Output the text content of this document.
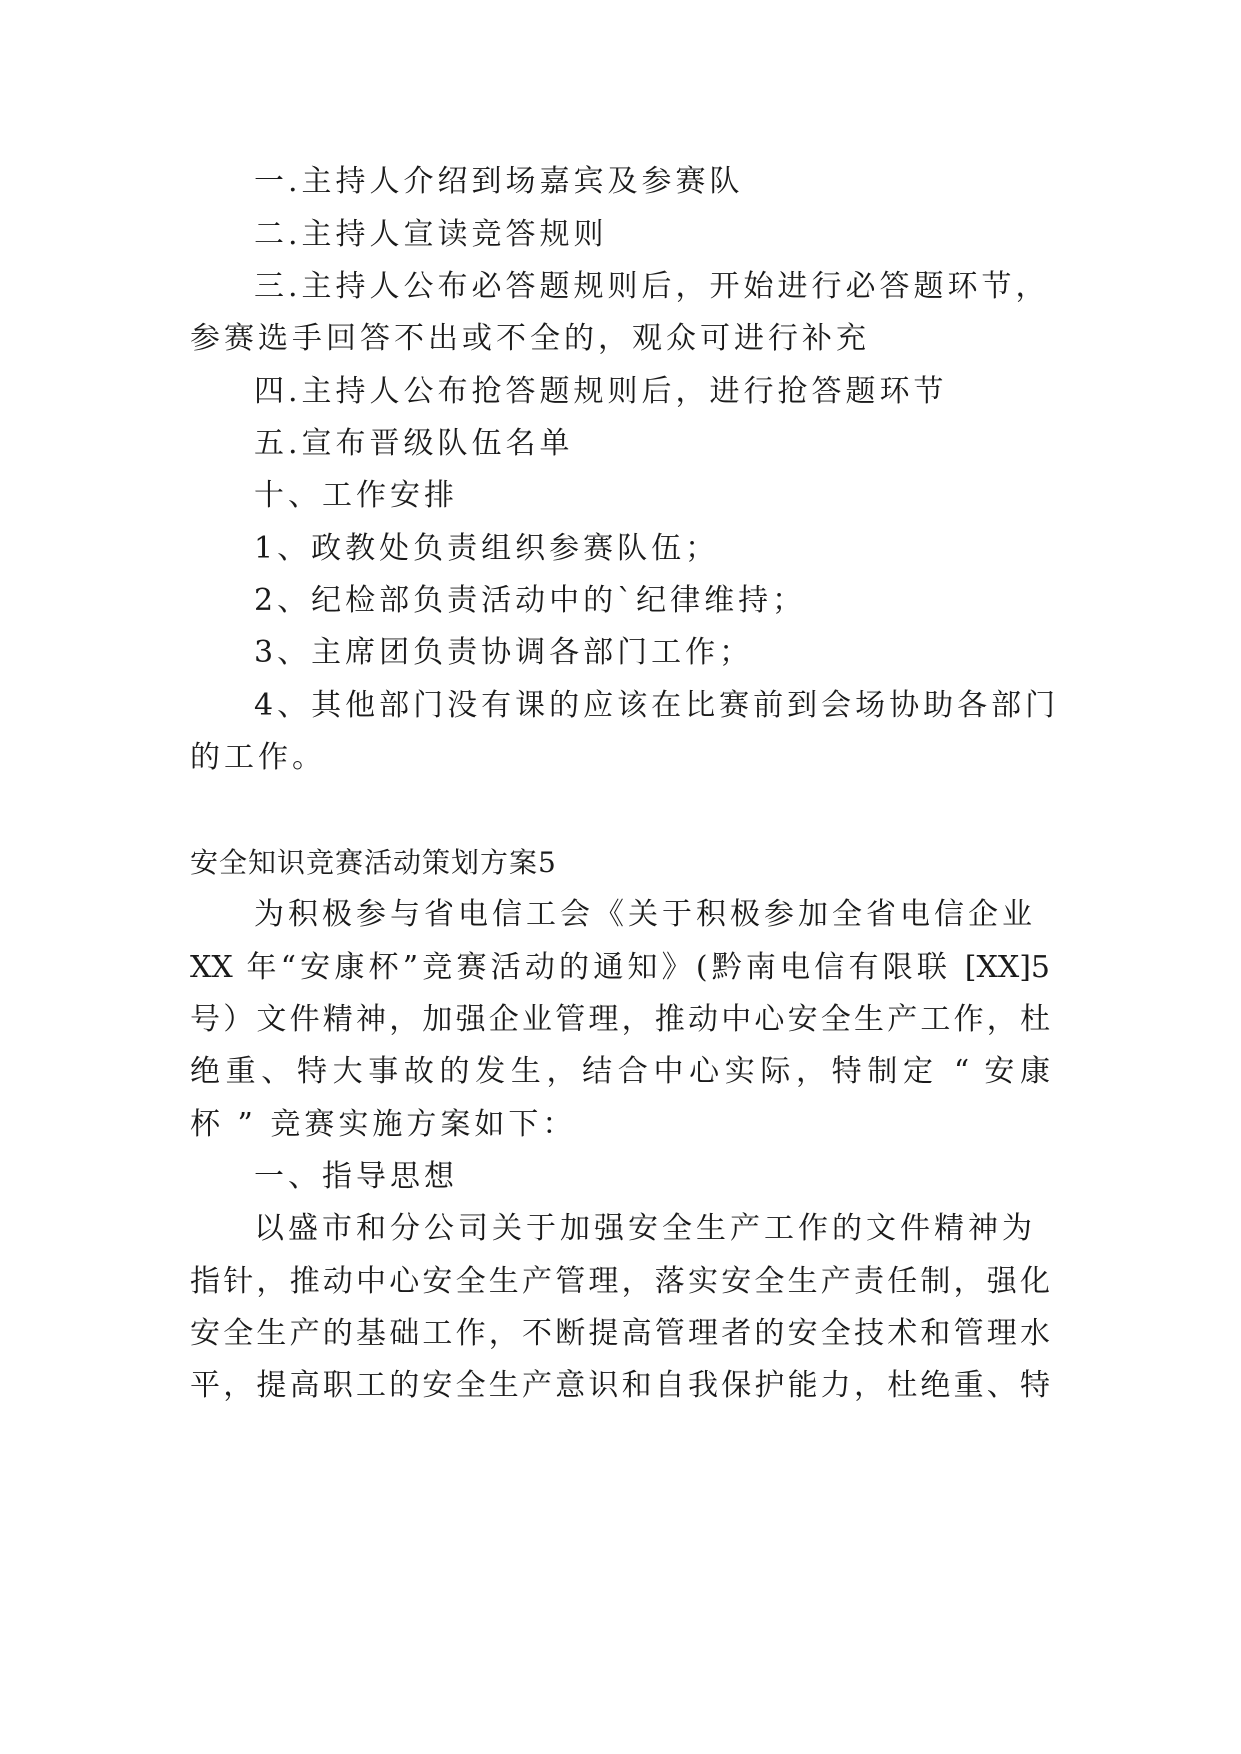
一.主持人介绍到场嘉宾及参赛队
二.主持人宣读竞答规则
三.主持人公布必答题规则后，开始进行必答题环节，
参赛选手回答不出或不全的，观众可进行补充
四.主持人公布抢答题规则后，进行抢答题环节
五.宣布晋级队伍名单
十、工作安排
1、政教处负责组织参赛队伍；
2、纪检部负责活动中的`纪律维持；
3、主席团负责协调各部门工作；
4、其他部门没有课的应该在比赛前到会场协助各部门
的工作。
安全知识竞赛活动策划方案5
为积极参与省电信工会《关于积极参加全省电信企业
XX 年“安康杯”竞赛活动的通知》(黔南电信有限联 [XX]5
号）文件精神，加强企业管理，推动中心安全生产工作，杜
绝重、特大事故的发生，结合中心实际，特制定 “ 安康
杯 ” 竞赛实施方案如下：
一、指导思想
以盛市和分公司关于加强安全生产工作的文件精神为
指针，推动中心安全生产管理，落实安全生产责任制，强化
安全生产的基础工作，不断提高管理者的安全技术和管理水
平，提高职工的安全生产意识和自我保护能力，杜绝重、特
